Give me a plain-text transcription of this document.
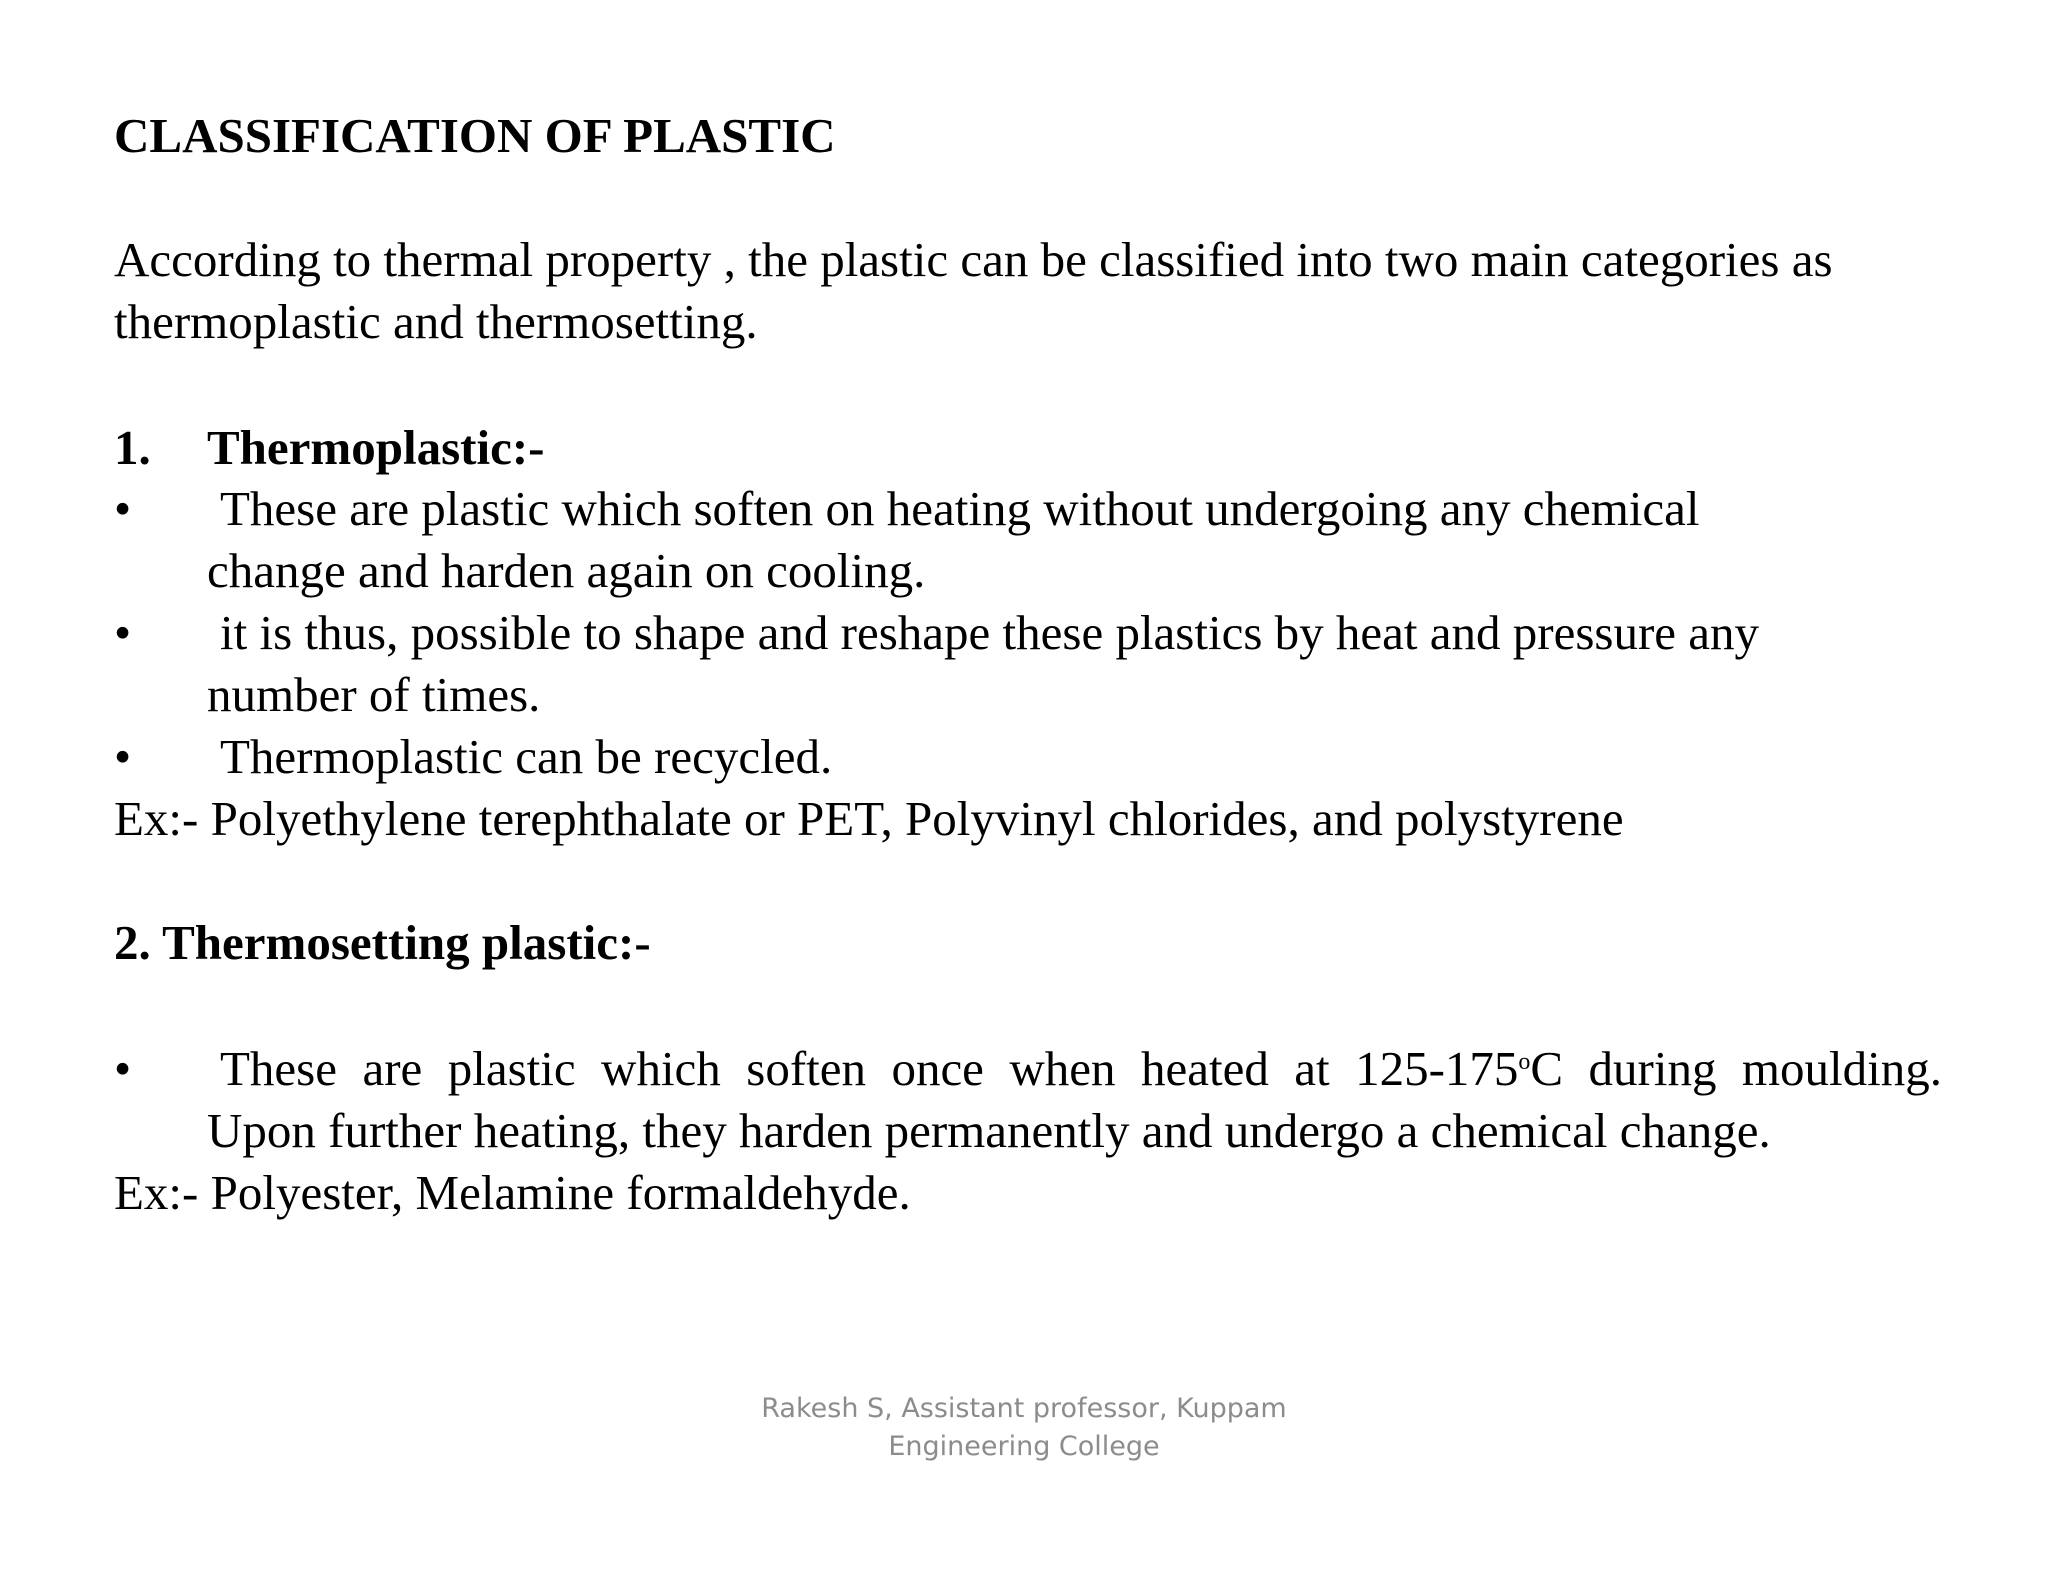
CLASSIFICATION OF PLASTIC
According to thermal property , the plastic can be classified into two main categories as
thermoplastic and thermosetting.
1. Thermoplastic:-
• These are plastic which soften on heating without undergoing any chemical
change and harden again on cooling.
• it is thus, possible to shape and reshape these plastics by heat and pressure any
number of times.
• Thermoplastic can be recycled.
Ex:- Polyethylene terephthalate or PET, Polyvinyl chlorides, and polystyrene
2. Thermosetting plastic:-
• These are plastic which soften once when heated at 125-175$^o$C during moulding.
Upon further heating, they harden permanently and undergo a chemical change.
Ex:- Polyester, Melamine formaldehyde.
Rakesh S, Assistant professor, Kuppam
Engineering College
